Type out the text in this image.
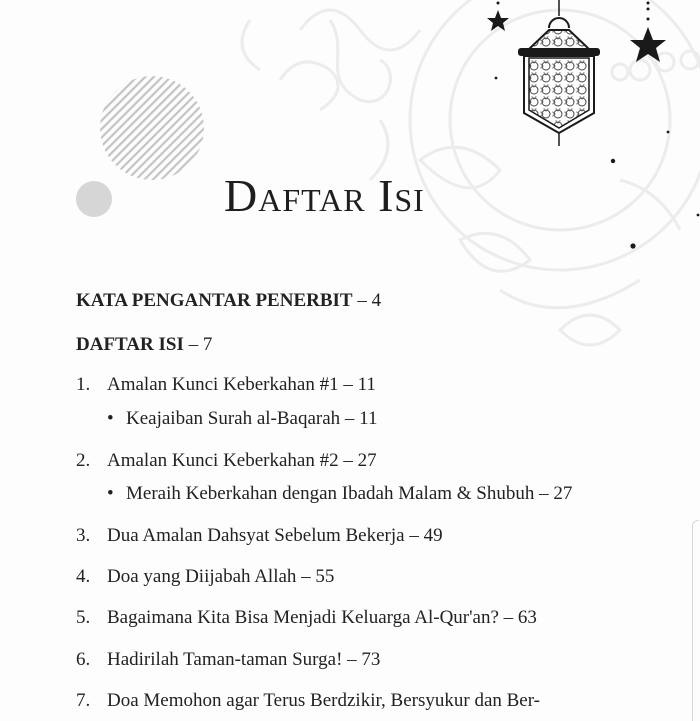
Daftar Isi
KATA PENGANTAR PENERBIT – 4
DAFTAR ISI – 7
1. Amalan Kunci Keberkahan #1 – 11
• Keajaiban Surah al-Baqarah – 11
2. Amalan Kunci Keberkahan #2 – 27
• Meraih Keberkahan dengan Ibadah Malam & Shubuh – 27
3. Dua Amalan Dahsyat Sebelum Bekerja – 49
4. Doa yang Diijabah Allah – 55
5. Bagaimana Kita Bisa Menjadi Keluarga Al-Qur'an? – 63
6. Hadirilah Taman-taman Surga! – 73
7. Doa Memohon agar Terus Berdzikir, Bersyukur dan Ber-
